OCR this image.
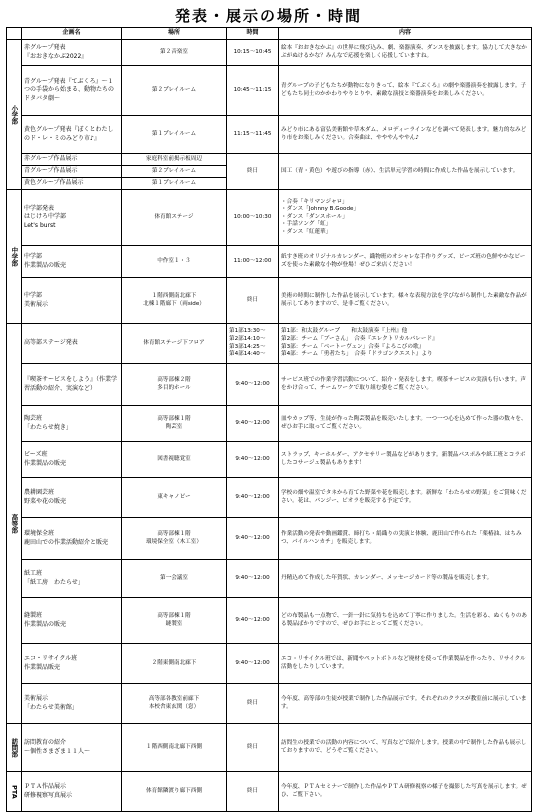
発表・展示の場所・時間
	企画名	場所	時間	内容

小学部	赤グループ発表
『おおきなかぶ2022』	第２音楽室	10:15～10:45	絵本『おおきなかぶ』の世界に飛び込み、劇、楽器演奏、ダンスを披露します。協力して大きなかぶがぬけるかな？みんなで応援を楽しく応援していますね。
	青グループ発表『てぶくろ』～１つの手袋から始まる、動物たちのドタバタ劇～	第２プレイルーム	10:45～11:15	青グループの子どもたちが動物になりきって、絵本『てぶくろ』の劇や楽器演奏を披露します。子どもたち同士のかかわりやりとりや、素敵な演技と楽器演奏をお楽しみください。
	黄色グループ発表『ぼくとわたしのド・レ・ミのみどり市♪』	第１プレイルーム	11:15～11:45	みどり市にある富弘美術館や草木ダム、メロディーラインなどを調べて発表します。魅力的なみどり市をお楽しみください。合奏曲は、やややんややん♪
	赤グループ作品展示	家庭科室前掲示板周辺	終日	国工（青・黄色）や遊びの指導（赤）、生活単元学習の時間に作成した作品を展示しています。
	青グループ作品展示	第２プレイルーム		
	黄色グループ作品展示	第１プレイルーム		

中学部	中学部発表
はじけろ中学部
Let's burst	体育館ステージ	10:00～10:30	・合奏「キリマンジャロ」
・ダンス「Johnny B.Goode」
・ダンス「ダンスホール」
・手話ソング「虹」
・ダンス「紅蓮華」
	中学部
作業製品の販売	中作室１・３	11:00～12:00	紙すき班のオリジナルカレンダー、織物班のオシャレな手作りグッズ、ビーズ班の色鮮やかなビーズを使った素敵な小物が登場！ぜひご来店ください！
	中学部
美術展示	１階西側南北廊下
北棟１階廊下（両side）	終日	美術の時間に制作した作品を展示しています。様々な表現方法を学びながら制作した素敵な作品が展示してありますので、是非ご覧ください。

高等部	高等部ステージ発表	体育館ステージ下フロア	第1部13:30～
第2部14:10～
第3部14:25～
第4部14:40～	第1部：和太鼓グループ　　和太鼓演奏『上州』他
第2部：チーム「ブーさん」　合奏『エレクトリカルパレード』
第3部：チーム「ベートーヴェン」合奏『よろこびの歌』
第4部：チーム「勇者たち」　合奏『ドラゴンクエスト』より
	『喫茶サービスをしよう』（作業学習活動の紹介、実演など）	高等部棟２階
多目的ホール	9:40～12:00	サービス班での作業学習活動について、紹介・発表をします。喫茶サービスの実演も行います。声をかけ合って、チームワークで取り組む姿をご覧ください。
	陶芸班
「わたらせ焼き」	高等部棟１階
陶芸室	9:40～12:00	皿やカップ等、生徒が作った陶芸製品を販売いたします。一つ一つ心を込めて作った器の数々を、ぜひお手に取ってご覧ください。
	ビーズ班
作業製品の販売	図書視聴覚室	9:40～12:00	ストラップ、キーホルダー、アクセサリー製品などがあります。新製品パスポみや紙工班とコラボしたコサージュ製品もあります！
	農耕園芸班
野菜や花の販売	東キャノピー	9:40～12:00	学校の畑や温室でタネから育てた野菜や花を販売します。新鮮な「わたらせの野菜」をご賞味ください。花は、パンジー、ビオラを販売する予定です。
	環境保全班
鹿田山での作業活動紹介と販売	高等部棟１階
環境保全室（木工室）	9:40～12:00	作業活動の発表や動画鑑賞、締打ち・絹織りの実演と体験、鹿田山で作られた「薬椿油、はちみつ、パイルハンカチ」を販売します。
	紙工班
「紙工房　わたらせ」	第一会議室	9:40～12:00	丹精込めて作成した年賀状、カレンダー、メッセージカード等の製品を販売します。
	縫製班
作業製品の販売	高等部棟１階
縫製室	9:40～12:00	どの布製品も一点物で、一針一針に気持ちを込めて丁寧に作りました。生活を彩る、ぬくもりのある製品ばかりですので、ぜひお手にとってご覧ください。
	エコ・リサイクル班
作業製品販売	２階東側南北廊下	9:40～12:00	エコ・リサイクル班では、新聞やペットボトルなど廃材を使って作業製品を作ったり、リサイクル活動をしたりしています。
	美術展示
「わたらせ美術館」	高等部各教室前廊下
本校舎東玄関（窓）	終日	今年度、高等部の生徒が授業で制作した作品展示です。それぞれのクラスが教室前に展示しています。

訪問部	訪問教育の紹介
～個性さまざま１１人～	１階西側南北廊下西側	終日	訪問生の授業での活動の内容について、写真などで紹介します。授業の中で制作した作品も展示しておりますので、どうぞご覧ください。

PTA	ＰＴＡ作品展示
研修視察写真展示	体育館隣渡り廊下西側	終日	今年度、ＰＴＡセミナーで制作した作品やＰＴＡ研修視察の様子を撮影した写真を展示します。ぜひ、ご覧下さい。
